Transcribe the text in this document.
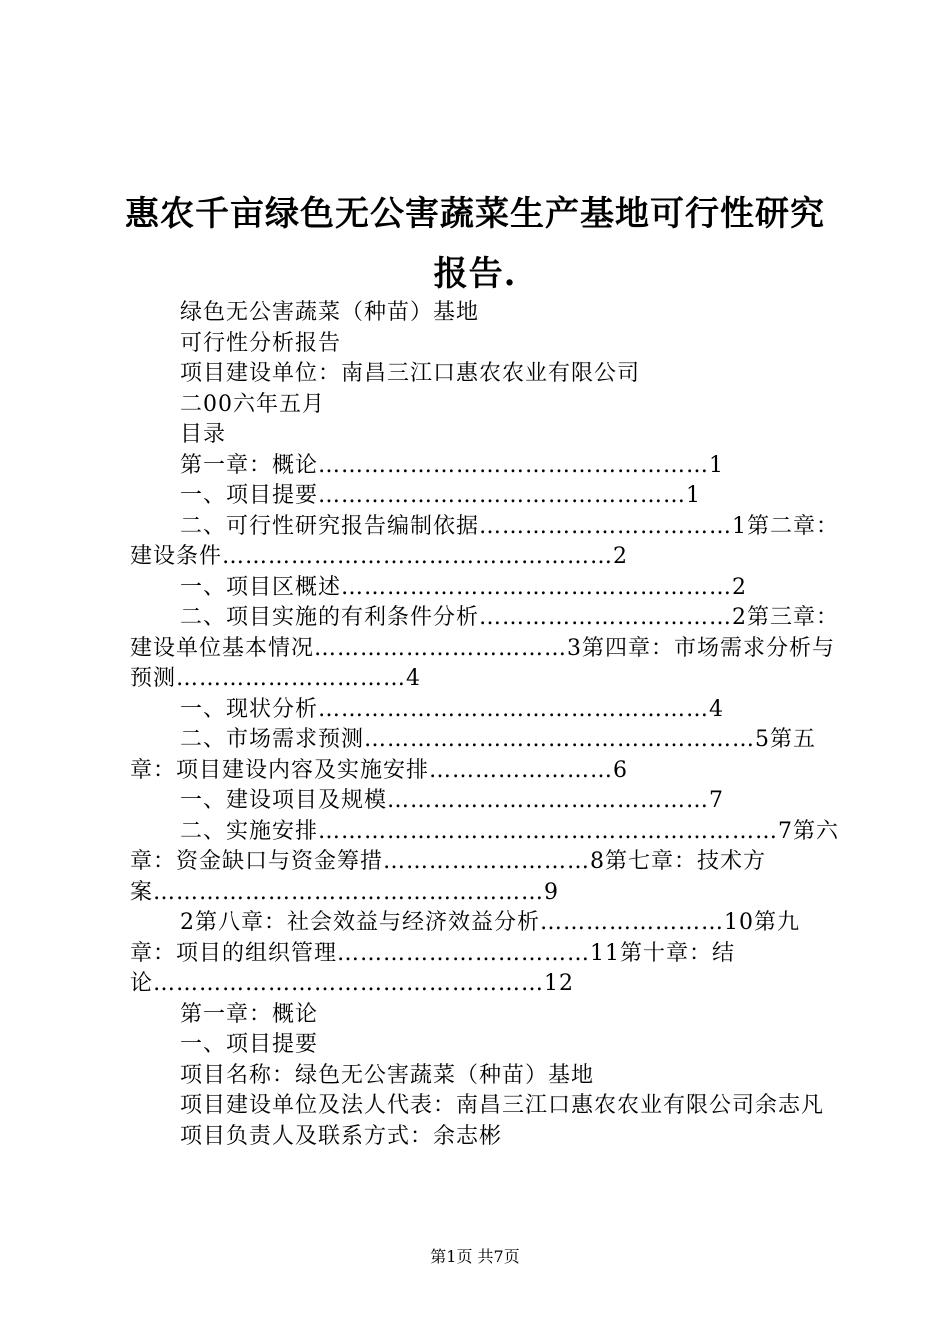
惠农千亩绿色无公害蔬菜生产基地可行性研究
报告.

绿色无公害蔬菜（种苗）基地

可行性分析报告

项目建设单位：南昌三江口惠农农业有限公司

二00六年五月

目录

第一章：概论……………………………………………1

一、项目提要…………………………………………1

二、可行性研究报告编制依据……………………………1第二章：建设条件……………………………………………2

一、项目区概述……………………………………………2

二、项目实施的有利条件分析……………………………2第三章：建设单位基本情况……………………………3第四章：市场需求分析与预测…………………………4

一、现状分析……………………………………………4

二、市场需求预测……………………………………………5第五章：项目建设内容及实施安排……………………6

一、建设项目及规模……………………………………7

二、实施安排……………………………………………………7第六章：资金缺口与资金筹措………………………8第七章：技术方案……………………………………………9

2第八章：社会效益与经济效益分析……………………10第九章：项目的组织管理……………………………11第十章：结论……………………………………………12

第一章：概论

一、项目提要

项目名称：绿色无公害蔬菜（种苗）基地

项目建设单位及法人代表：南昌三江口惠农农业有限公司余志凡

项目负责人及联系方式：余志彬

第1页 共7页
